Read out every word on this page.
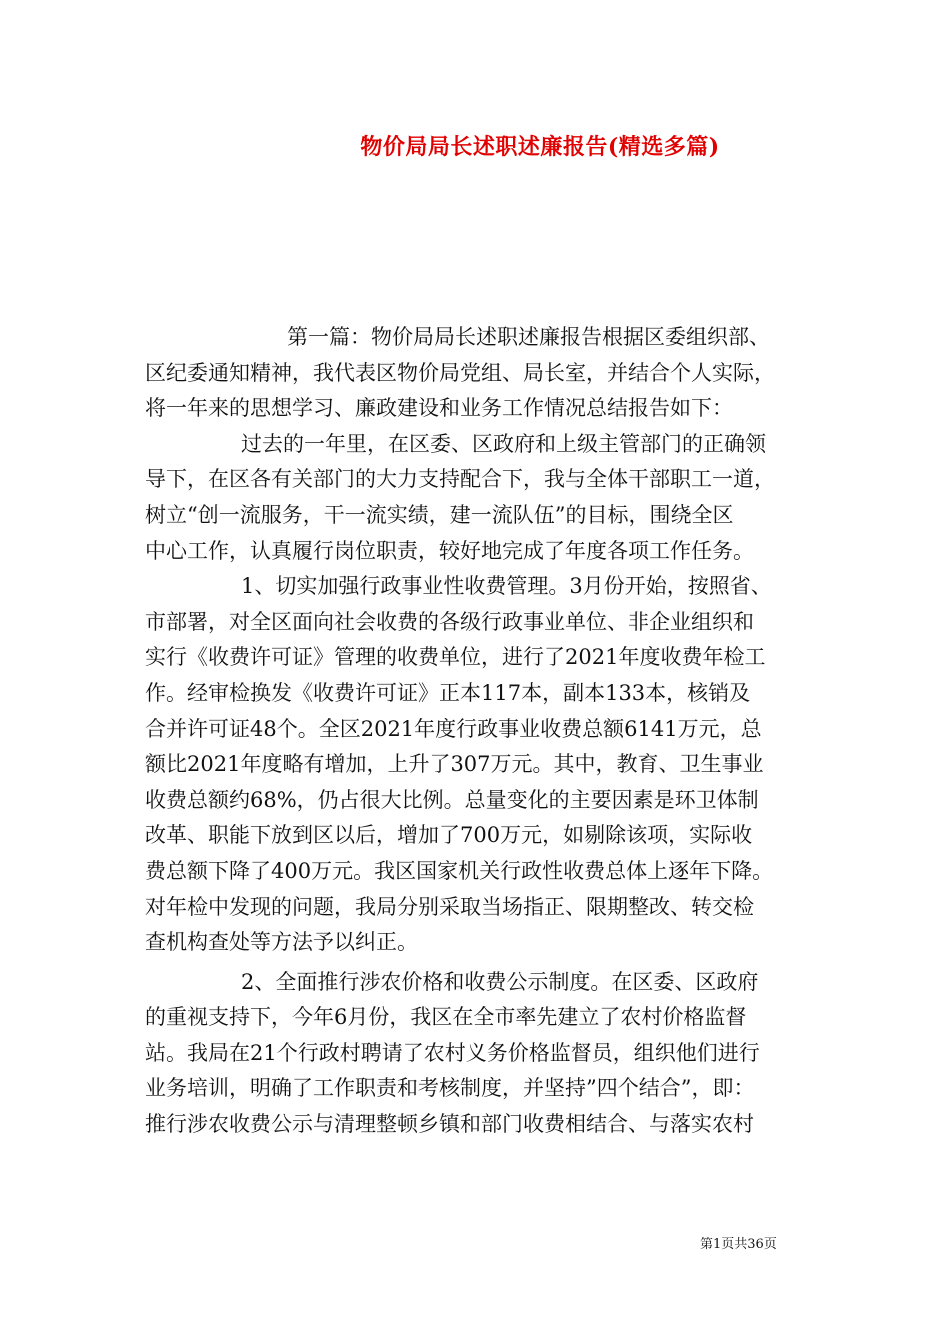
物价局局长述职述廉报告(精选多篇)
第一篇：物价局局长述职述廉报告根据区委组织部、
区纪委通知精神，我代表区物价局党组、局长室，并结合个人实际，
将一年来的思想学习、廉政建设和业务工作情况总结报告如下：
过去的一年里，在区委、区政府和上级主管部门的正确领
导下，在区各有关部门的大力支持配合下，我与全体干部职工一道，
树立“创一流服务，干一流实绩，建一流队伍”的目标，围绕全区
中心工作，认真履行岗位职责，较好地完成了年度各项工作任务。
1、切实加强行政事业性收费管理。3月份开始，按照省、
市部署，对全区面向社会收费的各级行政事业单位、非企业组织和
实行《收费许可证》管理的收费单位，进行了2021年度收费年检工
作。经审检换发《收费许可证》正本117本，副本133本，核销及
合并许可证48个。全区2021年度行政事业收费总额6141万元，总
额比2021年度略有增加，上升了307万元。其中，教育、卫生事业
收费总额约68%，仍占很大比例。总量变化的主要因素是环卫体制
改革、职能下放到区以后，增加了700万元，如剔除该项，实际收
费总额下降了400万元。我区国家机关行政性收费总体上逐年下降。
对年检中发现的问题，我局分别采取当场指正、限期整改、转交检
查机构查处等方法予以纠正。
2、全面推行涉农价格和收费公示制度。在区委、区政府
的重视支持下，今年6月份，我区在全市率先建立了农村价格监督
站。我局在21个行政村聘请了农村义务价格监督员，组织他们进行
业务培训，明确了工作职责和考核制度，并坚持”四个结合”，即：
推行涉农收费公示与清理整顿乡镇和部门收费相结合、与落实农村
第1页共36页
